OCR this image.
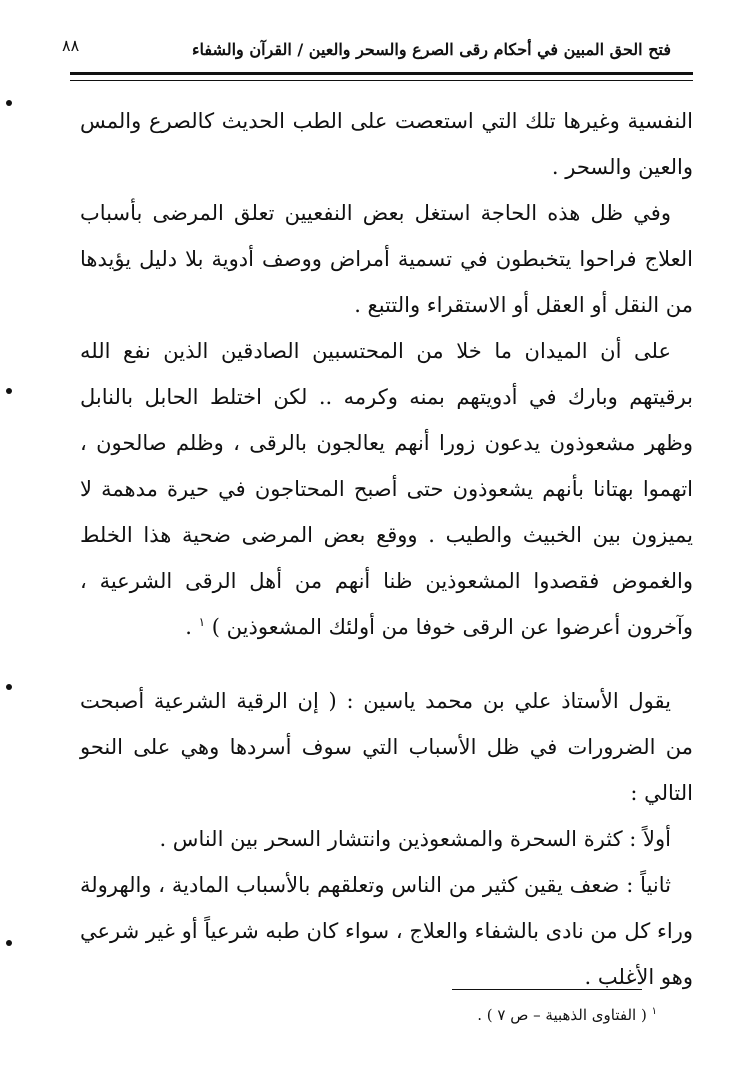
٨٨	فتح الحق المبين في أحكام رقى الصرع والسحر والعين / القرآن والشفاء

النفسية وغيرها تلك التي استعصت على الطب الحديث كالصرع والمس والعين والسحر .

وفي ظل هذه الحاجة استغل بعض النفعيين تعلق المرضى بأسباب العلاج فراحوا يتخبطون في تسمية أمراض ووصف أدوية بلا دليل يؤيدها من النقل أو العقل أو الاستقراء والتتبع .

على أن الميدان ما خلا من المحتسبين الصادقين الذين نفع الله برقيتهم وبارك في أدويتهم بمنه وكرمه .. لكن اختلط الحابل بالنابل وظهر مشعوذون يدعون زورا أنهم يعالجون بالرقى ، وظلم صالحون ، اتهموا بهتانا بأنهم يشعوذون حتى أصبح المحتاجون في حيرة مدهمة لا يميزون بين الخبيث والطيب . ووقع بعض المرضى ضحية هذا الخلط والغموض فقصدوا المشعوذين ظنا أنهم من أهل الرقى الشرعية ، وآخرون أعرضوا عن الرقى خوفا من أولئك المشعوذين ) $^١$ .

يقول الأستاذ علي بن محمد ياسين : ( إن الرقية الشرعية أصبحت من الضرورات في ظل الأسباب التي سوف أسردها وهي على النحو التالي :

أولاً : كثرة السحرة والمشعوذين وانتشار السحر بين الناس .

ثانياً : ضعف يقين كثير من الناس وتعلقهم بالأسباب المادية ، والهرولة وراء كل من نادى بالشفاء والعلاج ، سواء كان طبه شرعياً أو غير شرعي وهو الأغلب .

$^١$ ( الفتاوى الذهبية – ص ٧ ) .
